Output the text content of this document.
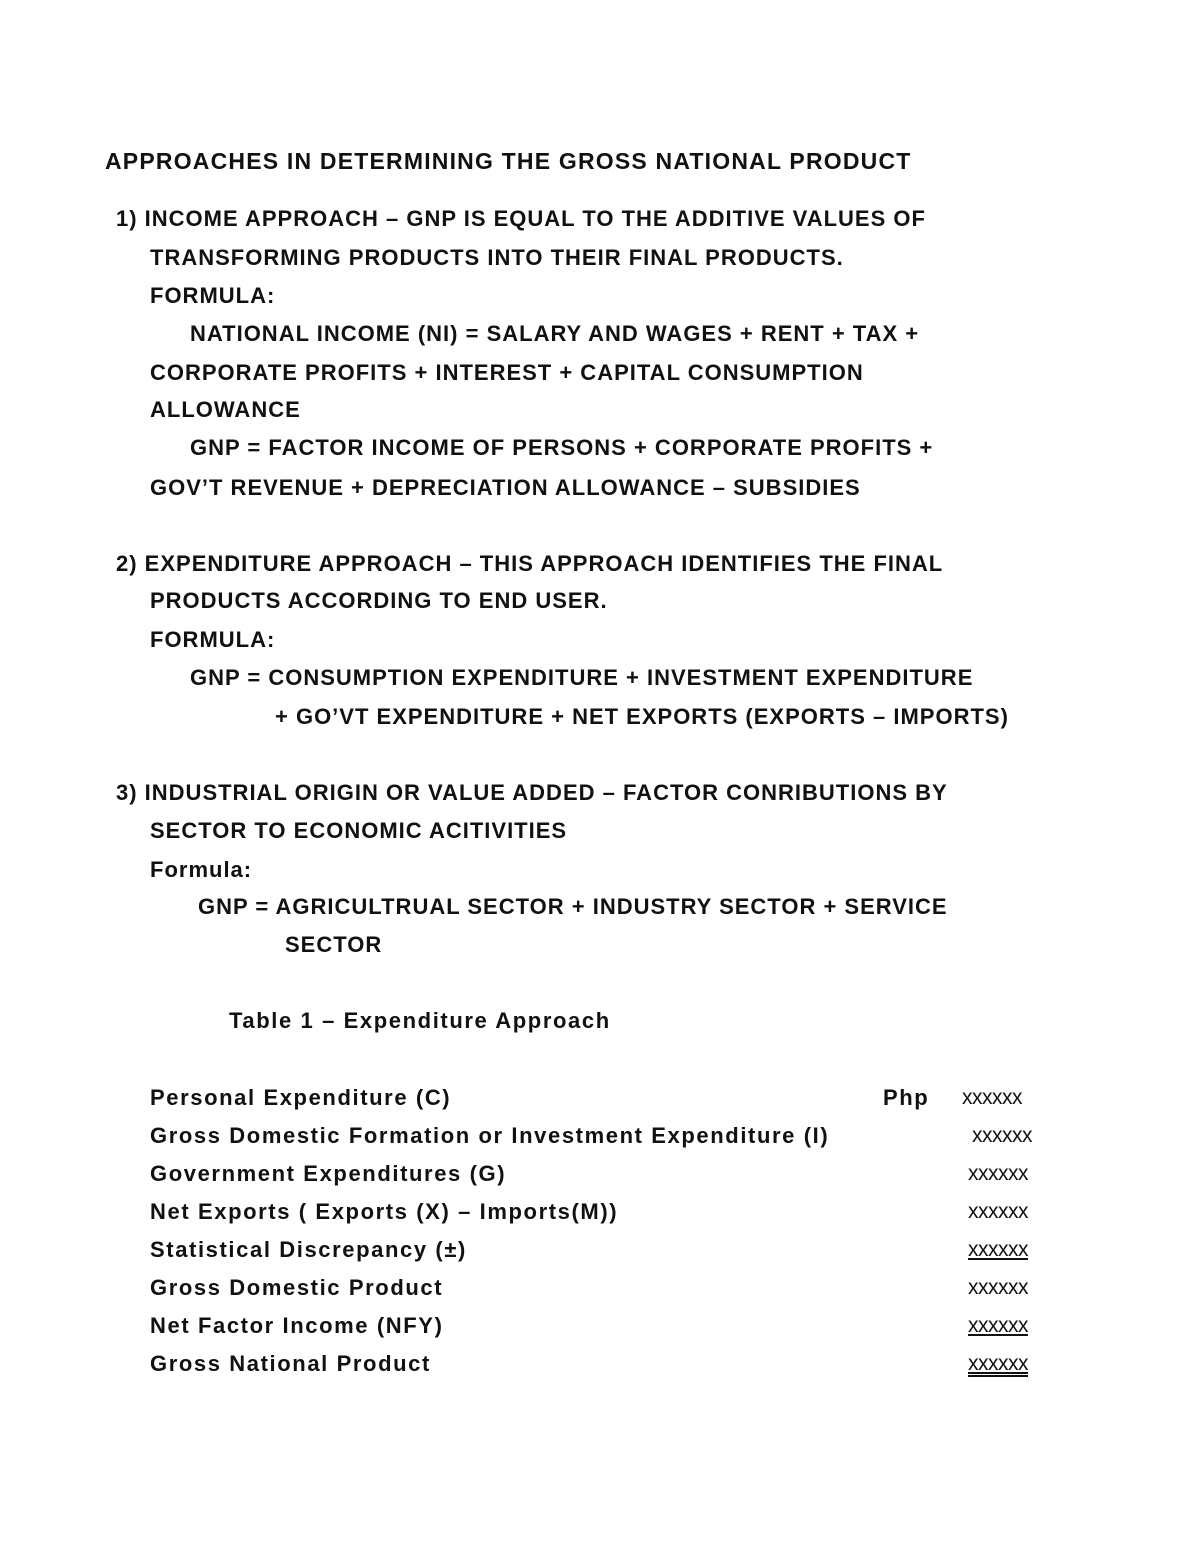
APPROACHES IN DETERMINING THE GROSS NATIONAL PRODUCT
1) INCOME APPROACH – GNP IS EQUAL TO THE ADDITIVE VALUES OF
TRANSFORMING PRODUCTS INTO THEIR FINAL PRODUCTS.
FORMULA:
NATIONAL INCOME (NI) = SALARY AND WAGES + RENT + TAX +
CORPORATE PROFITS + INTEREST + CAPITAL CONSUMPTION
ALLOWANCE
GNP = FACTOR INCOME OF PERSONS + CORPORATE PROFITS +
GOV’T REVENUE + DEPRECIATION ALLOWANCE – SUBSIDIES
2) EXPENDITURE APPROACH – THIS APPROACH IDENTIFIES THE FINAL
PRODUCTS ACCORDING TO END USER.
FORMULA:
GNP = CONSUMPTION EXPENDITURE + INVESTMENT EXPENDITURE
+ GO’VT EXPENDITURE + NET EXPORTS (EXPORTS – IMPORTS)
3) INDUSTRIAL ORIGIN OR VALUE ADDED – FACTOR CONRIBUTIONS BY
SECTOR TO ECONOMIC ACITIVITIES
Formula:
GNP = AGRICULTRUAL SECTOR + INDUSTRY SECTOR + SERVICE
SECTOR
Table 1 – Expenditure Approach
Personal Expenditure (C)	Php xxxxxx
Gross Domestic Formation or Investment Expenditure (I)	xxxxxx
Government Expenditures (G)	xxxxxx
Net Exports ( Exports (X) – Imports(M))	xxxxxx
Statistical Discrepancy (±)	xxxxxx
Gross Domestic Product	xxxxxx
Net Factor Income (NFY)	xxxxxx
Gross National Product	xxxxxx
